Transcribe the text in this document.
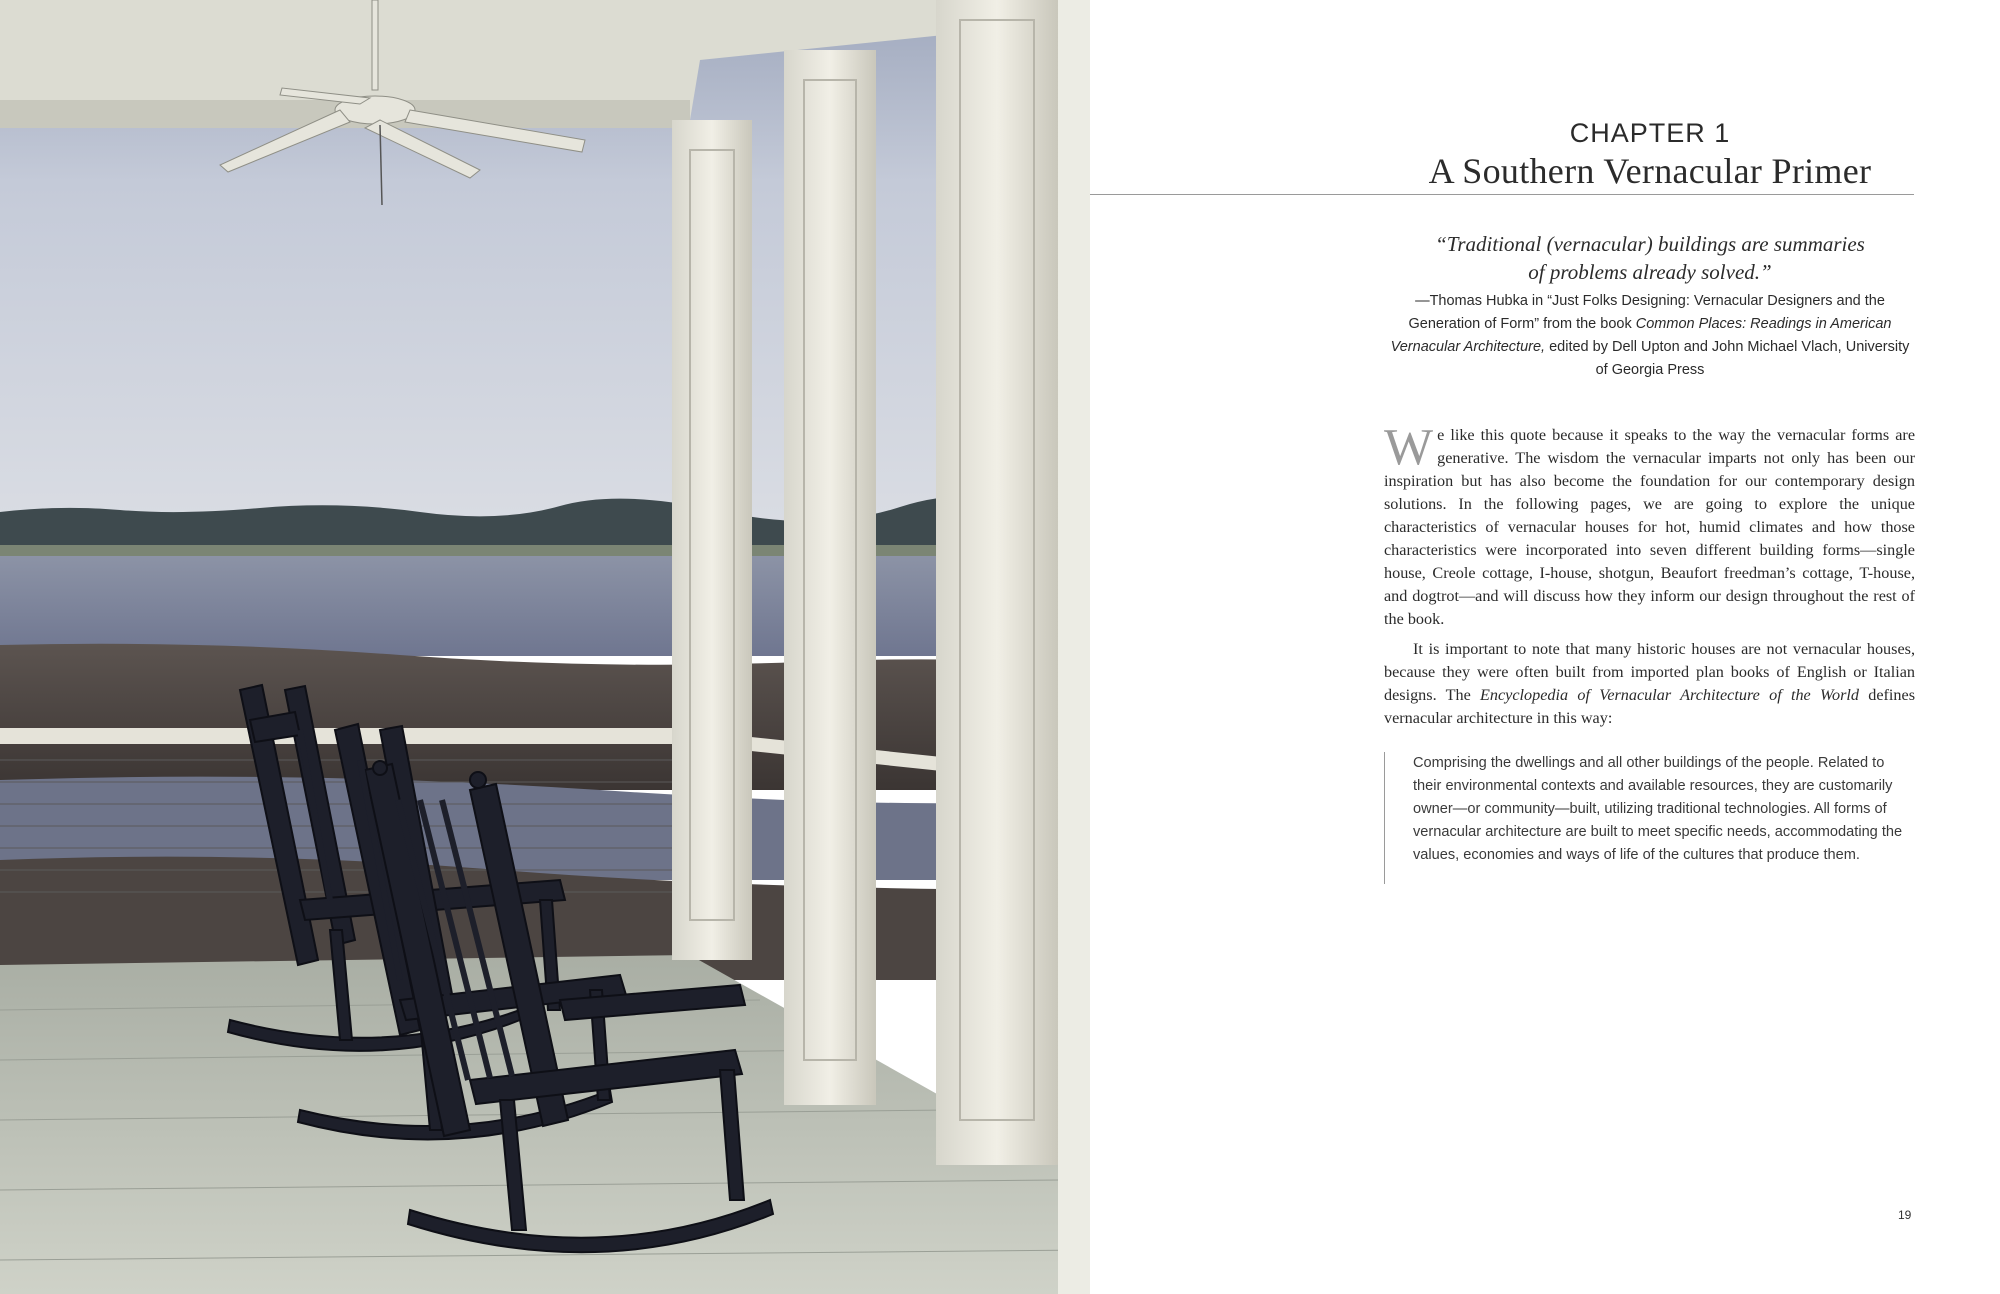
CHAPTER 1
A Southern Vernacular Primer
“Traditional (vernacular) buildings are summaries
of problems already solved.”
—Thomas Hubka in “Just Folks Designing: Vernacular Designers and the Generation of Form” from the book Common Places: Readings in American Vernacular Architecture, edited by Dell Upton and John Michael Vlach, University of Georgia Press

We like this quote because it speaks to the way the vernacular forms are generative. The wisdom the vernacular imparts not only has been our inspiration but has also become the foundation for our contemporary design solutions. In the following pages, we are going to explore the unique characteristics of vernacular houses for hot, humid climates and how those characteristics were incorporated into seven different building forms—single house, Creole cottage, I-house, shotgun, Beaufort freedman’s cottage, T-house, and dogtrot—and will discuss how they inform our design throughout the rest of the book.

It is important to note that many historic houses are not vernacular houses, because they were often built from imported plan books of English or Italian designs. The Encyclopedia of Vernacular Architecture of the World defines vernacular architecture in this way:

Comprising the dwellings and all other buildings of the people. Related to their environmental contexts and available resources, they are customarily owner—or community—built, utilizing traditional technologies. All forms of vernacular architecture are built to meet specific needs, accommodating the values, economies and ways of life of the cultures that produce them.
19
